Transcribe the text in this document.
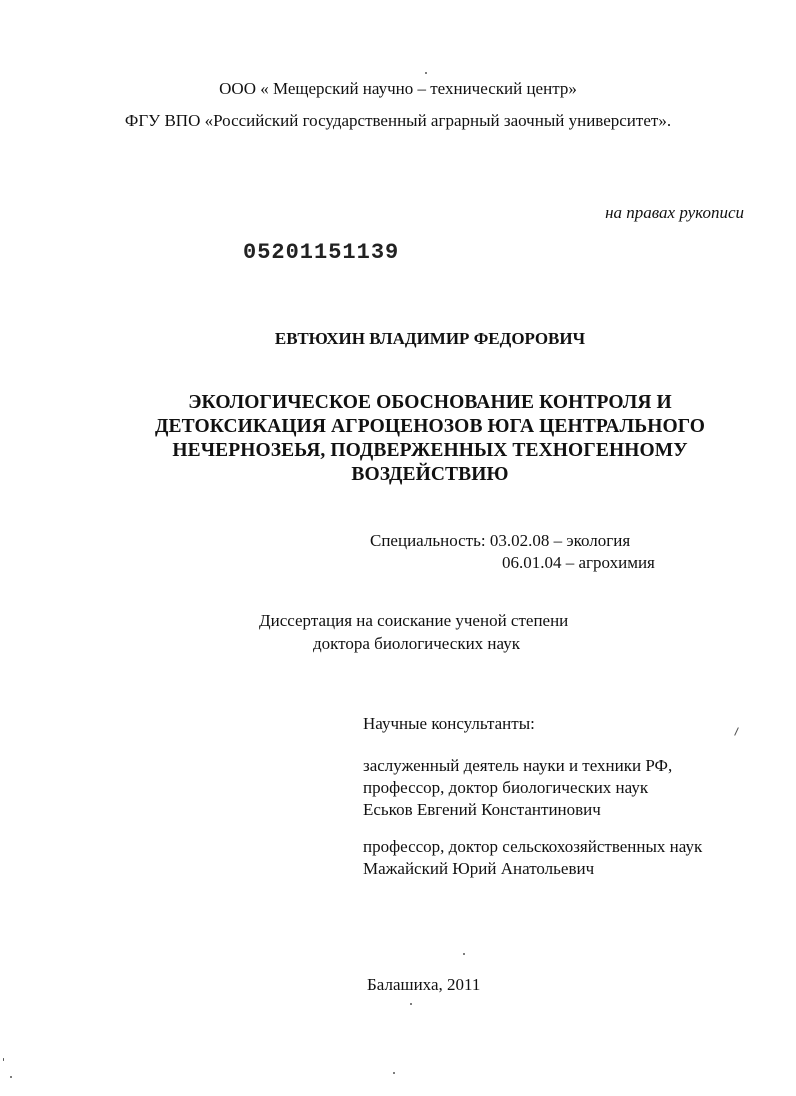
ООО « Мещерский научно – технический центр»
ФГУ ВПО «Российский государственный аграрный заочный университет».
на правах рукописи
05201151139
ЕВТЮХИН ВЛАДИМИР ФЕДОРОВИЧ
ЭКОЛОГИЧЕСКОЕ ОБОСНОВАНИЕ КОНТРОЛЯ И
ДЕТОКСИКАЦИЯ АГРОЦЕНОЗОВ ЮГА ЦЕНТРАЛЬНОГО
НЕЧЕРНОЗЕЬЯ, ПОДВЕРЖЕННЫХ ТЕХНОГЕННОМУ
ВОЗДЕЙСТВИЮ
Специальность: 03.02.08 – экология
06.01.04 – агрохимия
Диссертация на соискание ученой степени
доктора биологических наук
Научные консультанты:
заслуженный деятель науки и техники РФ,
профессор, доктор биологических наук
Еськов Евгений Константинович
профессор, доктор сельскохозяйственных наук
Мажайский Юрий Анатольевич
Балашиха, 2011
